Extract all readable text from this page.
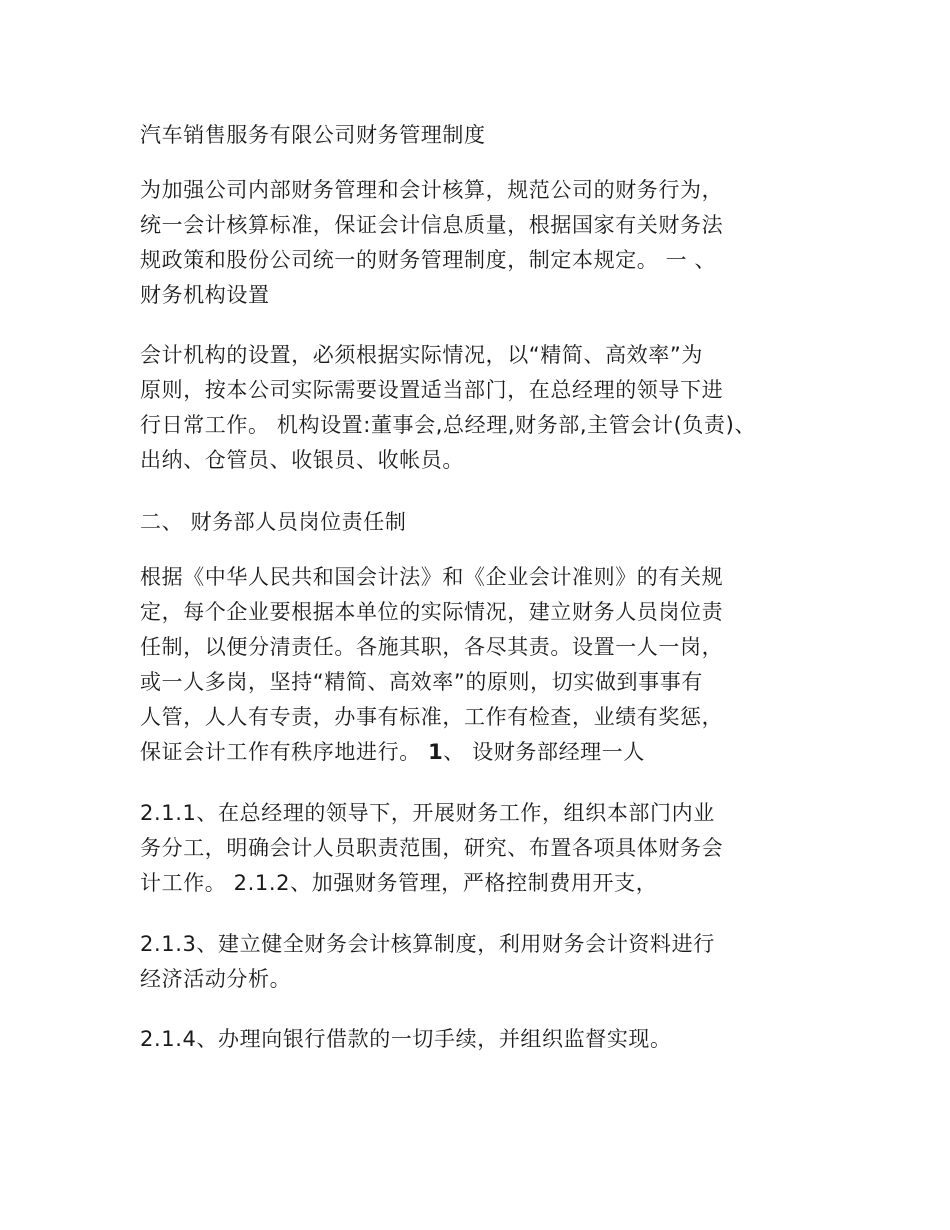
汽车销售服务有限公司财务管理制度

为加强公司内部财务管理和会计核算，规范公司的财务行为，
统一会计核算标准，保证会计信息质量，根据国家有关财务法
规政策和股份公司统一的财务管理制度，制定本规定。 一 、
财务机构设置

会计机构的设置，必须根据实际情况，以“精简、高效率”为
原则，按本公司实际需要设置适当部门，在总经理的领导下进
行日常工作。 机构设置:董事会,总经理,财务部,主管会计(负责)、
出纳、仓管员、收银员、收帐员。

二、 财务部人员岗位责任制

根据《中华人民共和国会计法》和《企业会计准则》的有关规
定，每个企业要根据本单位的实际情况，建立财务人员岗位责
任制，以便分清责任。各施其职，各尽其责。设置一人一岗，
或一人多岗，坚持“精简、高效率”的原则，切实做到事事有
人管，人人有专责，办事有标准，工作有检查，业绩有奖惩，
保证会计工作有秩序地进行。 1、 设财务部经理一人

2.1.1、在总经理的领导下，开展财务工作，组织本部门内业
务分工，明确会计人员职责范围，研究、布置各项具体财务会
计工作。 2.1.2、加强财务管理，严格控制费用开支，

2.1.3、建立健全财务会计核算制度，利用财务会计资料进行
经济活动分析。

2.1.4、办理向银行借款的一切手续，并组织监督实现。
